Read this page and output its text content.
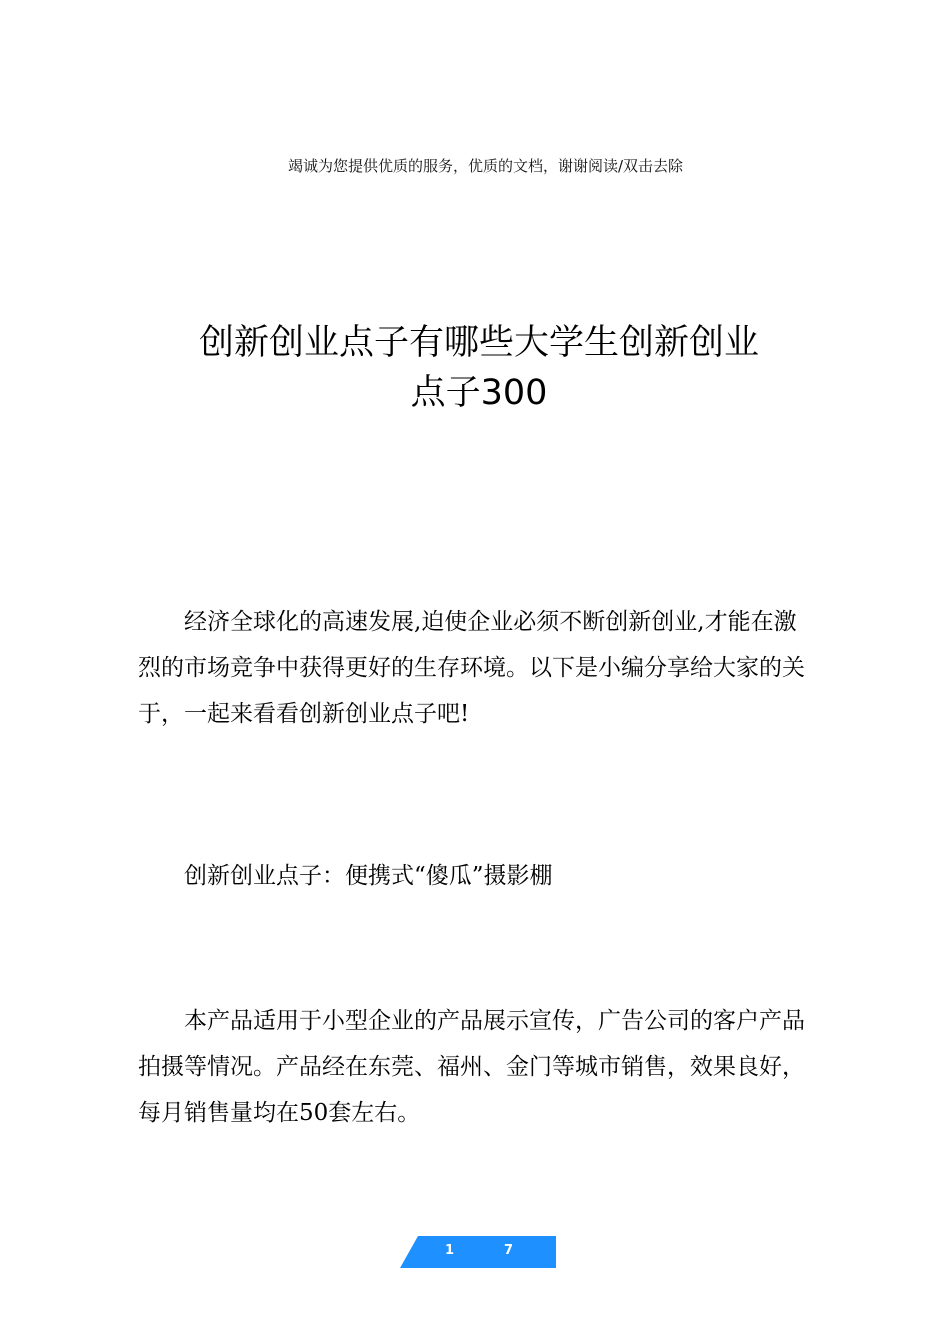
竭诚为您提供优质的服务，优质的文档，谢谢阅读/双击去除
创新创业点子有哪些大学生创新创业
点子300

经济全球化的高速发展,迫使企业必须不断创新创业,才能在激烈的市场竞争中获得更好的生存环境。以下是小编分享给大家的关于，一起来看看创新创业点子吧!

创新创业点子：便携式“傻瓜”摄影棚

本产品适用于小型企业的产品展示宣传，广告公司的客户产品拍摄等情况。产品经在东莞、福州、金门等城市销售，效果良好，每月销售量均在50套左右。

1	7
